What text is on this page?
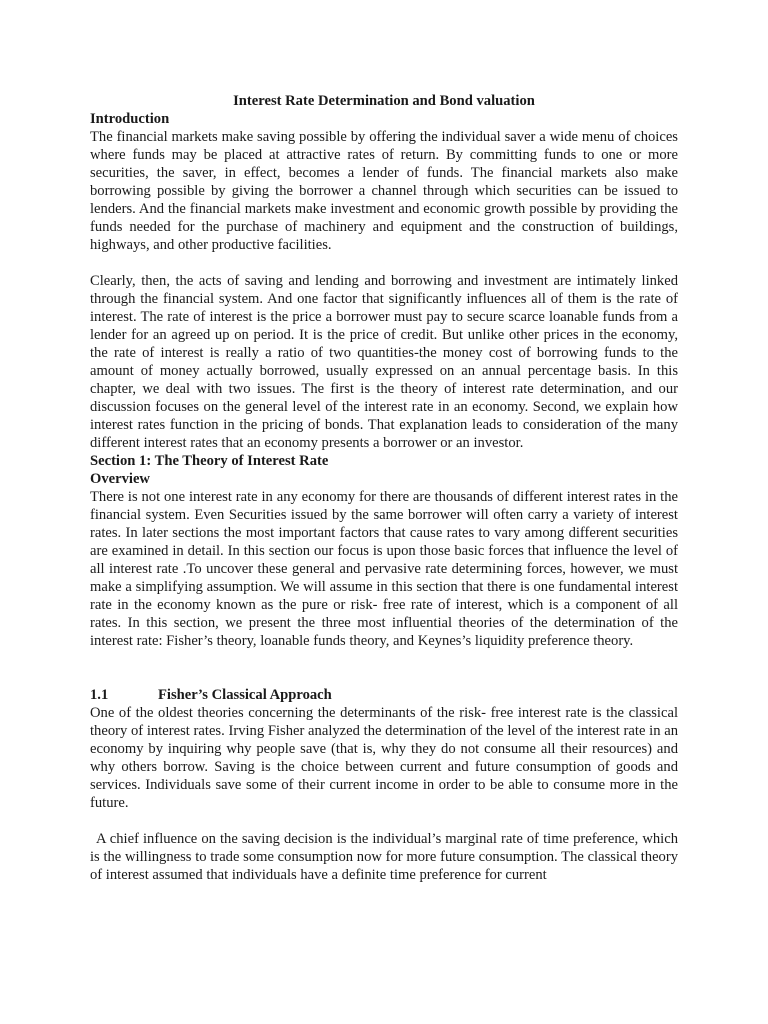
Interest Rate Determination and Bond valuation

Introduction

The financial markets make saving possible by offering the individual saver a wide menu of choices where funds may be placed at attractive rates of return. By committing funds to one or more securities, the saver, in effect, becomes a lender of funds. The financial markets also make borrowing possible by giving the borrower a channel through which securities can be issued to lenders. And the financial markets make investment and economic growth possible by providing the funds needed for the purchase of machinery and equipment and the construction of buildings, highways, and other productive facilities.

Clearly, then, the acts of saving and lending and borrowing and investment are intimately linked through the financial system. And one factor that significantly influences all of them is the rate of interest. The rate of interest is the price a borrower must pay to secure scarce loanable funds from a lender for an agreed up on period. It is the price of credit. But unlike other prices in the economy, the rate of interest is really a ratio of two quantities-the money cost of borrowing funds to the amount of money actually borrowed, usually expressed on an annual percentage basis. In this chapter, we deal with two issues. The first is the theory of interest rate determination, and our discussion focuses on the general level of the interest rate in an economy. Second, we explain how interest rates function in the pricing of bonds. That explanation leads to consideration of the many different interest rates that an economy presents a borrower or an investor.

Section 1: The Theory of Interest Rate

Overview

There is not one interest rate in any economy for there are thousands of different interest rates in the financial system. Even Securities issued by the same borrower will often carry a variety of interest rates. In later sections the most important factors that cause rates to vary among different securities are examined in detail. In this section our focus is upon those basic forces that influence the level of all interest rate .To uncover these general and pervasive rate determining forces, however, we must make a simplifying assumption. We will assume in this section that there is one fundamental interest rate in the economy known as the pure or risk- free rate of interest, which is a component of all rates. In this section, we present the three most influential theories of the determination of the interest rate: Fisher’s theory, loanable funds theory, and Keynes’s liquidity preference theory.

1.1	Fisher’s Classical Approach

One of the oldest theories concerning the determinants of the risk- free interest rate is the classical theory of interest rates. Irving Fisher analyzed the determination of the level of the interest rate in an economy by inquiring why people save (that is, why they do not consume all their resources) and why others borrow. Saving is the choice between current and future consumption of goods and services. Individuals save some of their current income in order to be able to consume more in the future.

A chief influence on the saving decision is the individual’s marginal rate of time preference, which is the willingness to trade some consumption now for more future consumption. The classical theory of interest assumed that individuals have a definite time preference for current
